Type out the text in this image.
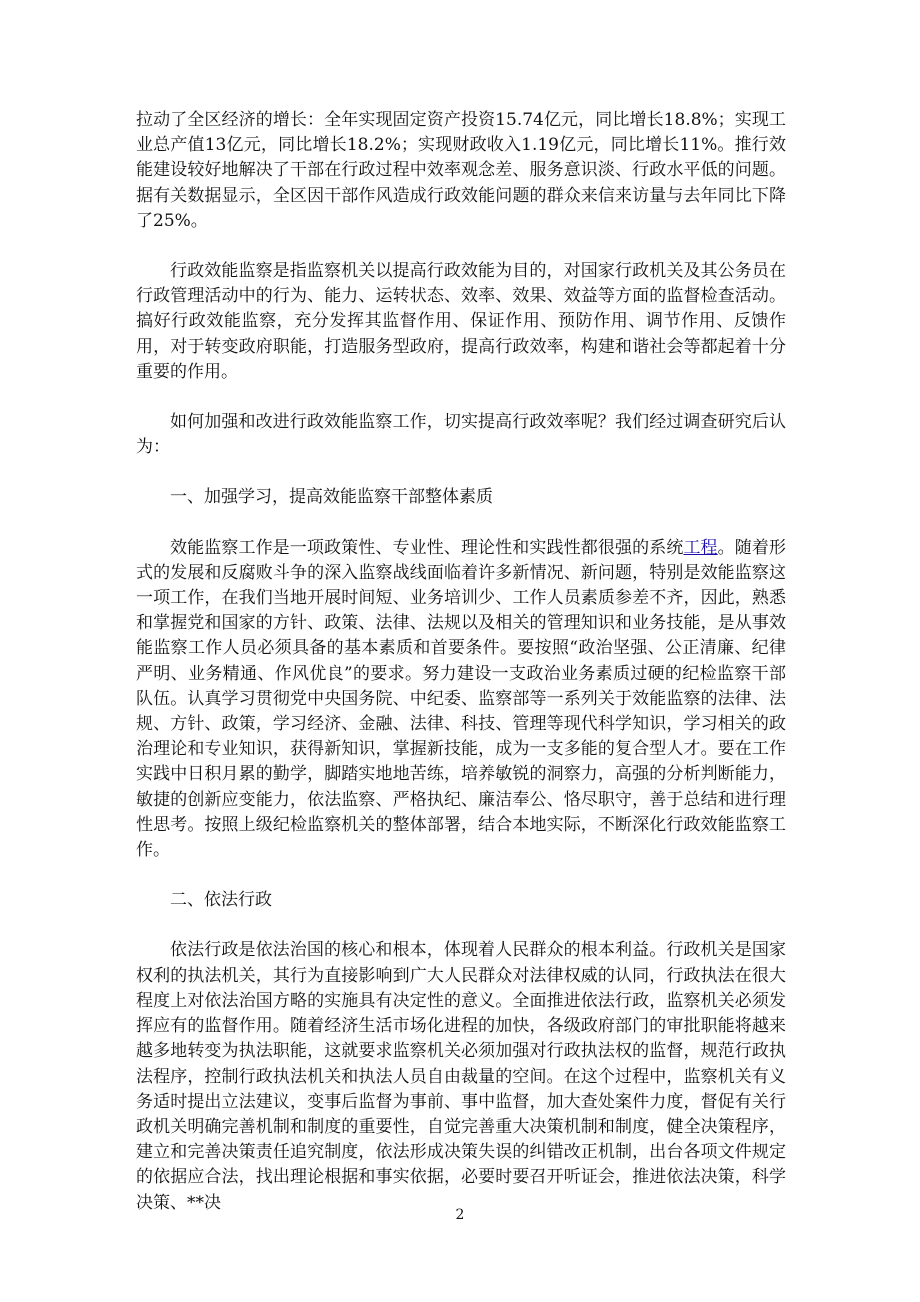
拉动了全区经济的增长：全年实现固定资产投资15.74亿元，同比增长18.8%；实现工业总产值13亿元，同比增长18.2%；实现财政收入1.19亿元，同比增长11%。推行效能建设较好地解决了干部在行政过程中效率观念差、服务意识淡、行政水平低的问题。据有关数据显示，全区因干部作风造成行政效能问题的群众来信来访量与去年同比下降了25%。

行政效能监察是指监察机关以提高行政效能为目的，对国家行政机关及其公务员在行政管理活动中的行为、能力、运转状态、效率、效果、效益等方面的监督检查活动。搞好行政效能监察，充分发挥其监督作用、保证作用、预防作用、调节作用、反馈作用，对于转变政府职能，打造服务型政府，提高行政效率，构建和谐社会等都起着十分重要的作用。

如何加强和改进行政效能监察工作，切实提高行政效率呢？我们经过调查研究后认为：

一、加强学习，提高效能监察干部整体素质

效能监察工作是一项政策性、专业性、理论性和实践性都很强的系统工程。随着形式的发展和反腐败斗争的深入监察战线面临着许多新情况、新问题，特别是效能监察这一项工作，在我们当地开展时间短、业务培训少、工作人员素质参差不齐，因此，熟悉和掌握党和国家的方针、政策、法律、法规以及相关的管理知识和业务技能，是从事效能监察工作人员必须具备的基本素质和首要条件。要按照“政治坚强、公正清廉、纪律严明、业务精通、作风优良”的要求。努力建设一支政治业务素质过硬的纪检监察干部队伍。认真学习贯彻党中央国务院、中纪委、监察部等一系列关于效能监察的法律、法规、方针、政策，学习经济、金融、法律、科技、管理等现代科学知识，学习相关的政治理论和专业知识，获得新知识，掌握新技能，成为一支多能的复合型人才。要在工作实践中日积月累的勤学，脚踏实地地苦练，培养敏锐的洞察力，高强的分析判断能力，敏捷的创新应变能力，依法监察、严格执纪、廉洁奉公、恪尽职守，善于总结和进行理性思考。按照上级纪检监察机关的整体部署，结合本地实际，不断深化行政效能监察工作。

二、依法行政

依法行政是依法治国的核心和根本，体现着人民群众的根本利益。行政机关是国家权利的执法机关，其行为直接影响到广大人民群众对法律权威的认同，行政执法在很大程度上对依法治国方略的实施具有决定性的意义。全面推进依法行政，监察机关必须发挥应有的监督作用。随着经济生活市场化进程的加快，各级政府部门的审批职能将越来越多地转变为执法职能，这就要求监察机关必须加强对行政执法权的监督，规范行政执法程序，控制行政执法机关和执法人员自由裁量的空间。在这个过程中，监察机关有义务适时提出立法建议，变事后监督为事前、事中监督，加大查处案件力度，督促有关行政机关明确完善机制和制度的重要性，自觉完善重大决策机制和制度，健全决策程序，建立和完善决策责任追究制度，依法形成决策失误的纠错改正机制，出台各项文件规定的依据应合法，找出理论根据和事实依据，必要时要召开听证会，推进依法决策，科学决策、**决

2
